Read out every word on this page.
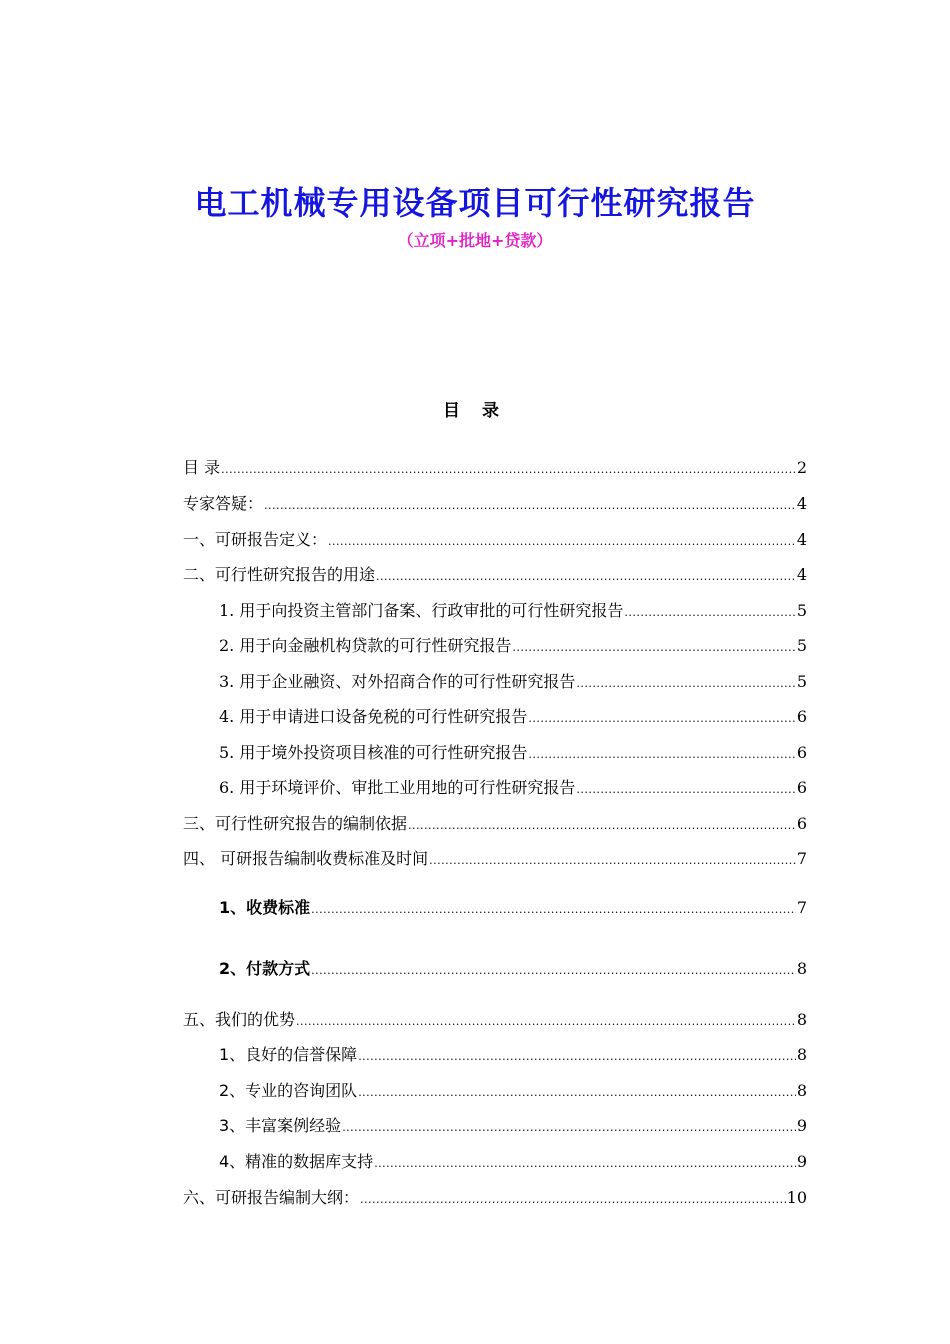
电工机械专用设备项目可行性研究报告
（立项+批地+贷款）
目 录
目 录 .....	2
专家答疑： .....	4
一、可研报告定义： .....	4
二、可行性研究报告的用途 .....	4
1. 用于向投资主管部门备案、行政审批的可行性研究报告 .....	5
2. 用于向金融机构贷款的可行性研究报告 .....	5
3. 用于企业融资、对外招商合作的可行性研究报告 .....	5
4. 用于申请进口设备免税的可行性研究报告 .....	6
5. 用于境外投资项目核准的可行性研究报告 .....	6
6. 用于环境评价、审批工业用地的可行性研究报告 .....	6
三、可行性研究报告的编制依据 .....	6
四、 可研报告编制收费标准及时间 .....	7
1、收费标准 .....	7
2、付款方式 .....	8
五、我们的优势 .....	8
1、良好的信誉保障 .....	8
2、专业的咨询团队 .....	8
3、丰富案例经验 .....	9
4、精准的数据库支持 .....	9
六、可研报告编制大纲： .....	10
